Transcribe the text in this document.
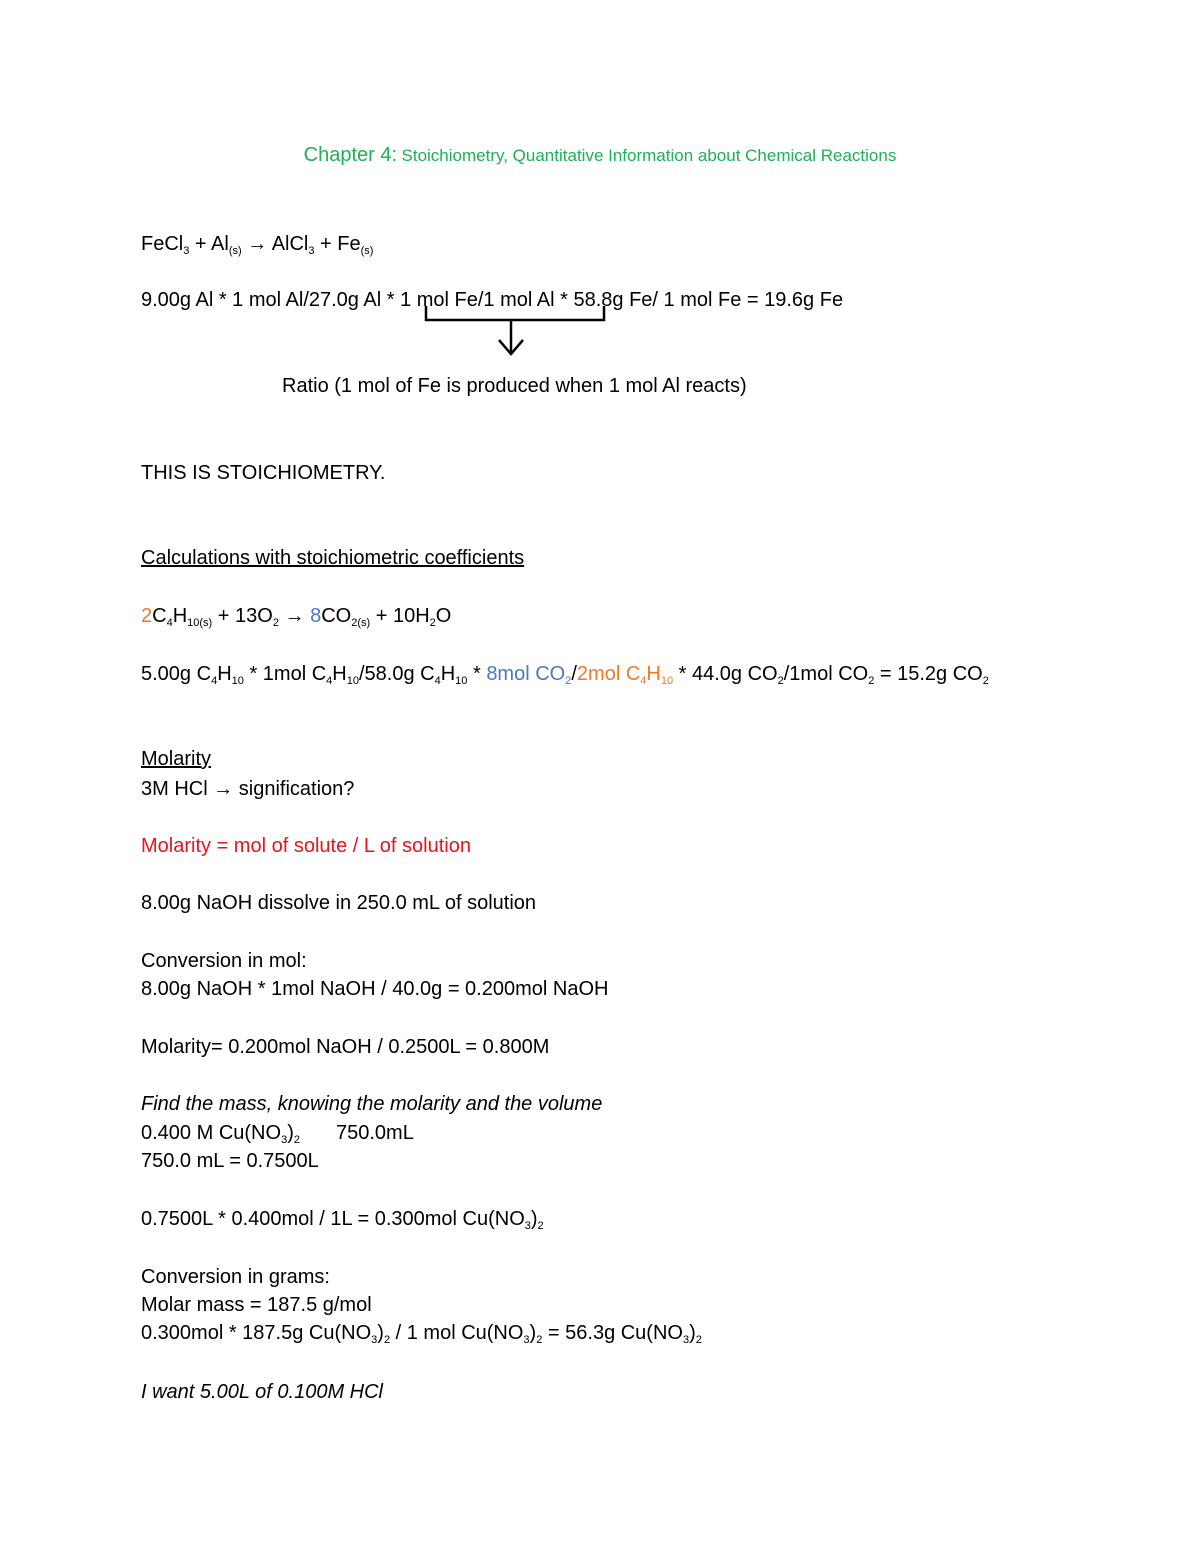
Chapter 4: Stoichiometry, Quantitative Information about Chemical Reactions
FeCl$_3$ + $Al_{(s)}$ → AlCl$_3$ + $Fe_{(s)}$
9.00g Al * 1 mol Al/27.0g Al * 1 mol Fe/1 mol Al * 58.8g Fe/ 1 mol Fe = 19.6g Fe
Ratio (1 mol of Fe is produced when 1 mol Al reacts)
THIS IS STOICHIOMETRY.
Calculations with stoichiometric coefficients
$2C_4H_{10(s)} + 13O_2 \to 8CO_{2(s)} + 10H_2O$
5.00g $C_4H_{10} * 1mol$ $C_4H_{10}/58.0g$ $C_4H_{10} * 8mol$ $CO_2/2mol$ $C_4H_{10} * 44.0g$ $CO_2/1mol$ $CO_2 = 15.2g$ $CO_2$
Molarity
3M HCl → signification?
Molarity = mol of solute / L of solution
8.00g NaOH dissolve in 250.0 mL of solution
Conversion in mol:
8.00g NaOH * 1mol NaOH / 40.0g = 0.200mol NaOH
Molarity= 0.200mol NaOH / 0.2500L = 0.800M
Find the mass, knowing the molarity and the volume
0.400 M $Cu(NO_3)_2$ 750.0mL
750.0 mL = 0.7500L
0.7500L * 0.400mol / 1L = 0.300mol $Cu(NO_3)_2$
Conversion in grams:
Molar mass = 187.5 g/mol
0.300mol * 187.5g $Cu(NO_3)_2 / 1$ mol $Cu(NO_3)_2 = 56.3g$ $Cu(NO_3)_2$
I want 5.00L of 0.100M HCl
